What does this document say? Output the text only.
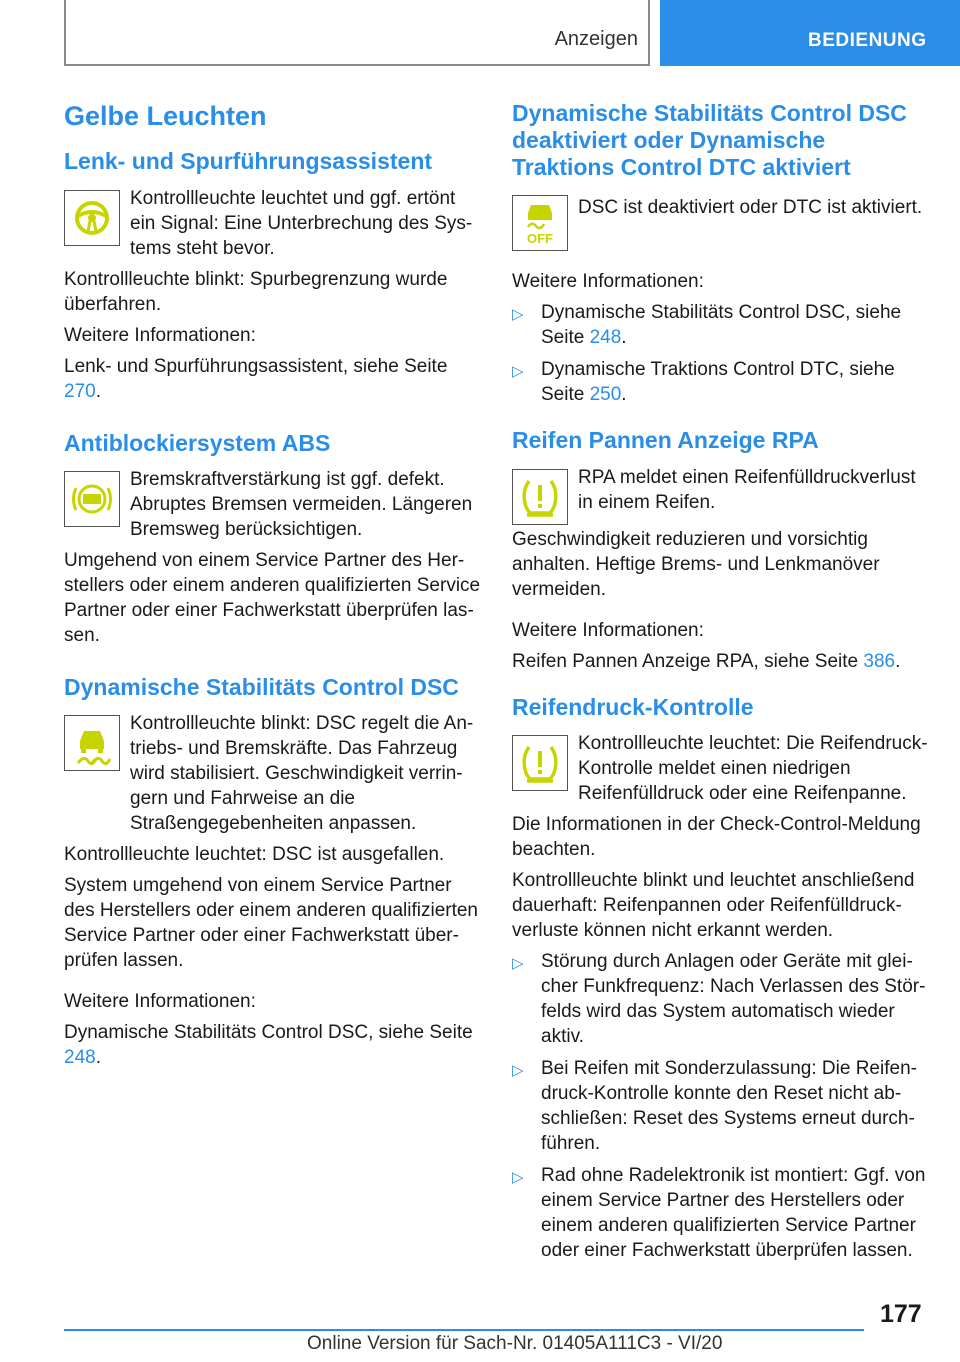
Anzeigen	BEDIENUNG
Gelbe Leuchten
Lenk- und Spurführungsassistent

Kontrollleuchte leuchtet und ggf. ertönt ein Signal: Eine Unterbrechung des Systems steht bevor.

Kontrollleuchte blinkt: Spurbegrenzung wurde überfahren.

Weitere Informationen:

Lenk- und Spurführungsassistent, siehe Seite 270.

Antiblockiersystem ABS

Bremskraftverstärkung ist ggf. defekt. Abruptes Bremsen vermeiden. Längeren Bremsweg berücksichtigen.

Umgehend von einem Service Partner des Herstellers oder einem anderen qualifizierten Service Partner oder einer Fachwerkstatt überprüfen lassen.

Dynamische Stabilitäts Control DSC

Kontrollleuchte blinkt: DSC regelt die Antriebs- und Bremskräfte. Das Fahrzeug wird stabilisiert. Geschwindigkeit verringern und Fahrweise an die Straßengegebenheiten anpassen.

Kontrollleuchte leuchtet: DSC ist ausgefallen.

System umgehend von einem Service Partner des Herstellers oder einem anderen qualifizierten Service Partner oder einer Fachwerkstatt überprüfen lassen.

Weitere Informationen:

Dynamische Stabilitäts Control DSC, siehe Seite 248.

Dynamische Stabilitäts Control DSC deaktiviert oder Dynamische Traktions Control DTC aktiviert
OFF

DSC ist deaktiviert oder DTC ist aktiviert.

Weitere Informationen:

▷ Dynamische Stabilitäts Control DSC, siehe Seite 248.
▷ Dynamische Traktions Control DTC, siehe Seite 250.
Reifen Pannen Anzeige RPA

RPA meldet einen Reifenfülldruckverlust in einem Reifen.

Geschwindigkeit reduzieren und vorsichtig anhalten. Heftige Brems- und Lenkmanöver vermeiden.

Weitere Informationen:

Reifen Pannen Anzeige RPA, siehe Seite 386.

Reifendruck-Kontrolle

Kontrollleuchte leuchtet: Die Reifendruck-Kontrolle meldet einen niedrigen Reifenfülldruck oder eine Reifenpanne.

Die Informationen in der Check-Control-Meldung beachten.

Kontrollleuchte blinkt und leuchtet anschließend dauerhaft: Reifenpannen oder Reifenfülldruckverluste können nicht erkannt werden.

▷ Störung durch Anlagen oder Geräte mit gleicher Funkfrequenz: Nach Verlassen des Störfelds wird das System automatisch wieder aktiv.
▷ Bei Reifen mit Sonderzulassung: Die Reifendruck-Kontrolle konnte den Reset nicht abschließen: Reset des Systems erneut durchführen.
▷ Rad ohne Radelektronik ist montiert: Ggf. von einem Service Partner des Herstellers oder einem anderen qualifizierten Service Partner oder einer Fachwerkstatt überprüfen lassen.
177
Online Version für Sach-Nr. 01405A111C3 - VI/20
